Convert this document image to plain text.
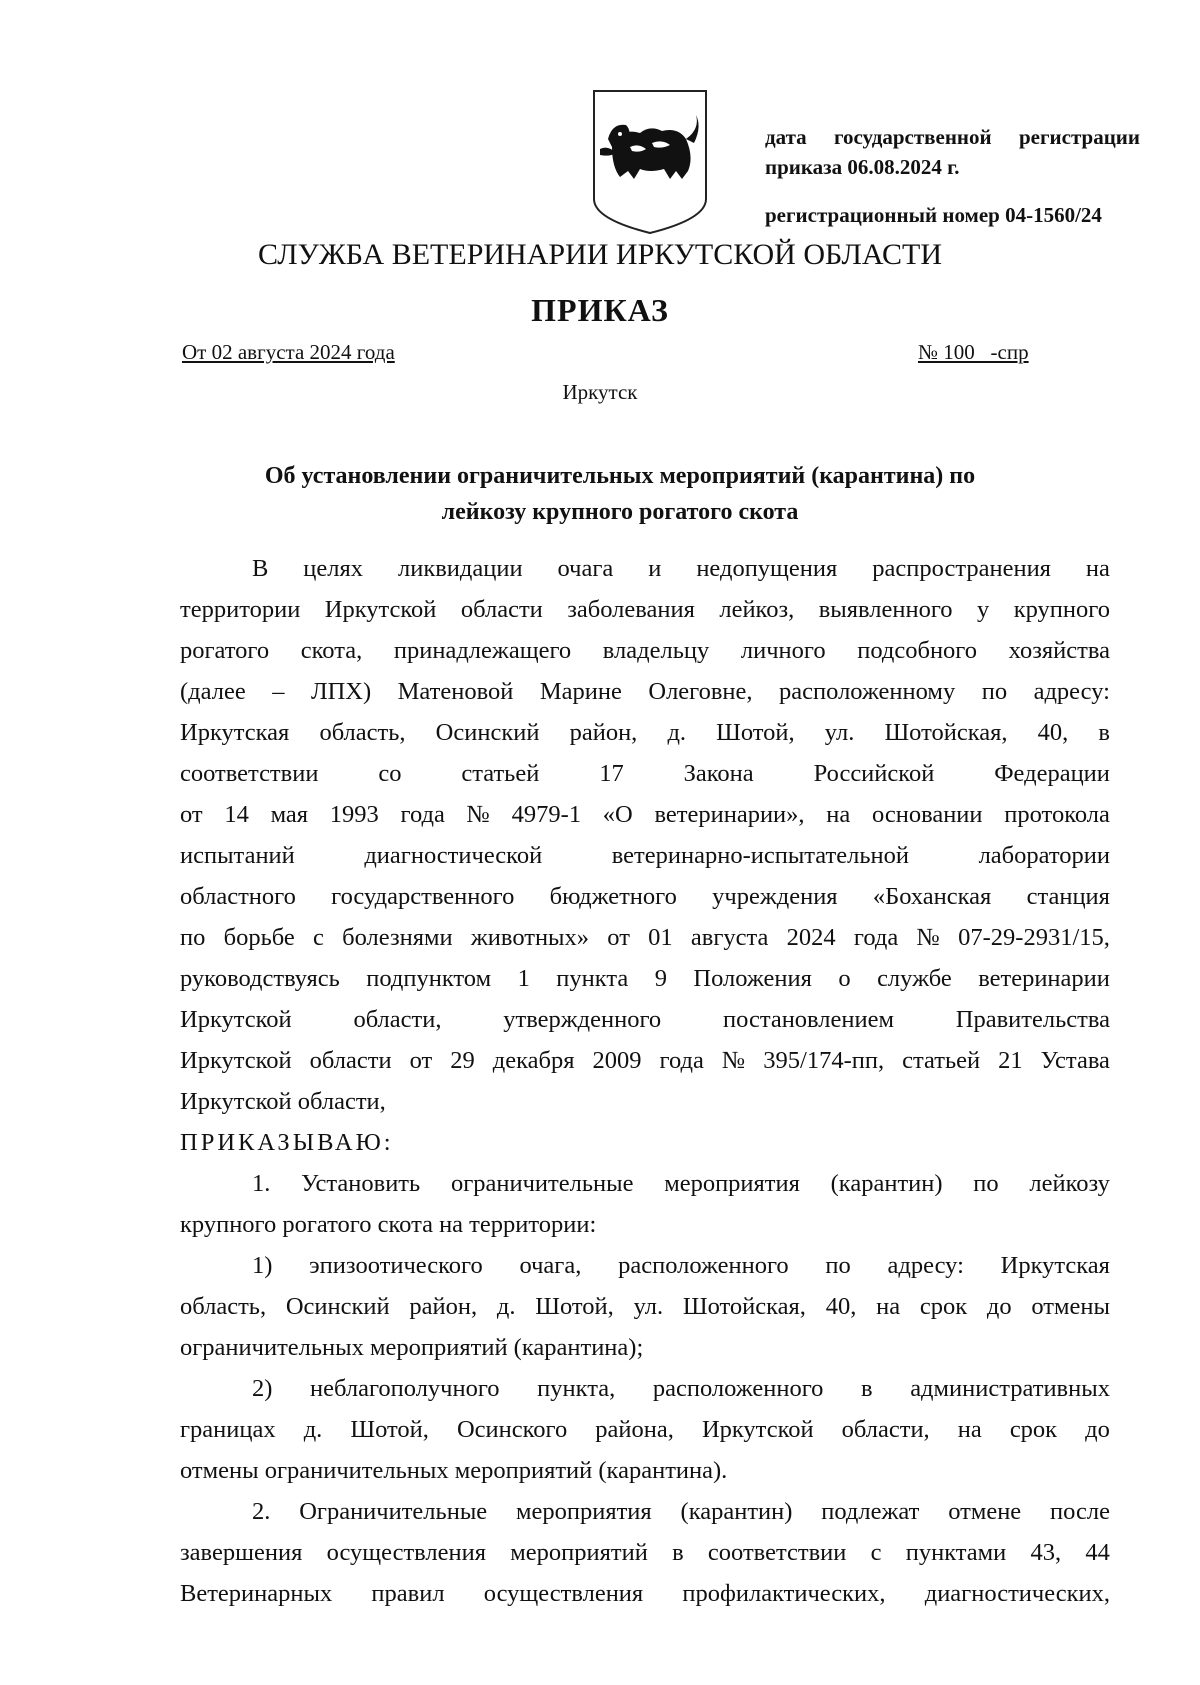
дата государственной регистрации
приказа 06.08.2024 г.
регистрационный номер 04-1560/24
СЛУЖБА ВЕТЕРИНАРИИ ИРКУТСКОЙ ОБЛАСТИ
ПРИКАЗ
От 02 августа 2024 года	№ 100   -спр
Иркутск
Об установлении ограничительных мероприятий (карантина) по
лейкозу крупного рогатого скота
В целях ликвидации очага и недопущения распространения на
территории Иркутской области заболевания лейкоз, выявленного у крупного
рогатого скота, принадлежащего владельцу личного подсобного хозяйства
(далее – ЛПХ) Матеновой Марине Олеговне, расположенному по адресу:
Иркутская область, Осинский район, д. Шотой, ул. Шотойская, 40, в
соответствии со статьей 17 Закона Российской Федерации
от 14 мая 1993 года № 4979-1 «О ветеринарии», на основании протокола
испытаний	диагностической	ветеринарно-испытательной	лаборатории
областного государственного бюджетного учреждения «Боханская станция
по борьбе с болезнями животных» от 01 августа 2024 года № 07-29-2931/15,
руководствуясь подпунктом 1 пункта 9 Положения о службе ветеринарии
Иркутской	области,	утвержденного	постановлением	Правительства
Иркутской области от 29 декабря 2009 года № 395/174-пп, статьей 21 Устава
Иркутской области,
ПРИКАЗЫВАЮ:
1. Установить ограничительные мероприятия (карантин) по лейкозу
крупного рогатого скота на территории:
1) эпизоотического очага, расположенного по адресу: Иркутская
область, Осинский район, д. Шотой, ул. Шотойская, 40, на срок до отмены
ограничительных мероприятий (карантина);
2) неблагополучного пункта, расположенного в административных
границах д. Шотой, Осинского района, Иркутской области, на срок до
отмены ограничительных мероприятий (карантина).
2. Ограничительные мероприятия (карантин) подлежат отмене после
завершения осуществления мероприятий в соответствии с пунктами 43, 44
Ветеринарных правил осуществления профилактических, диагностических,
